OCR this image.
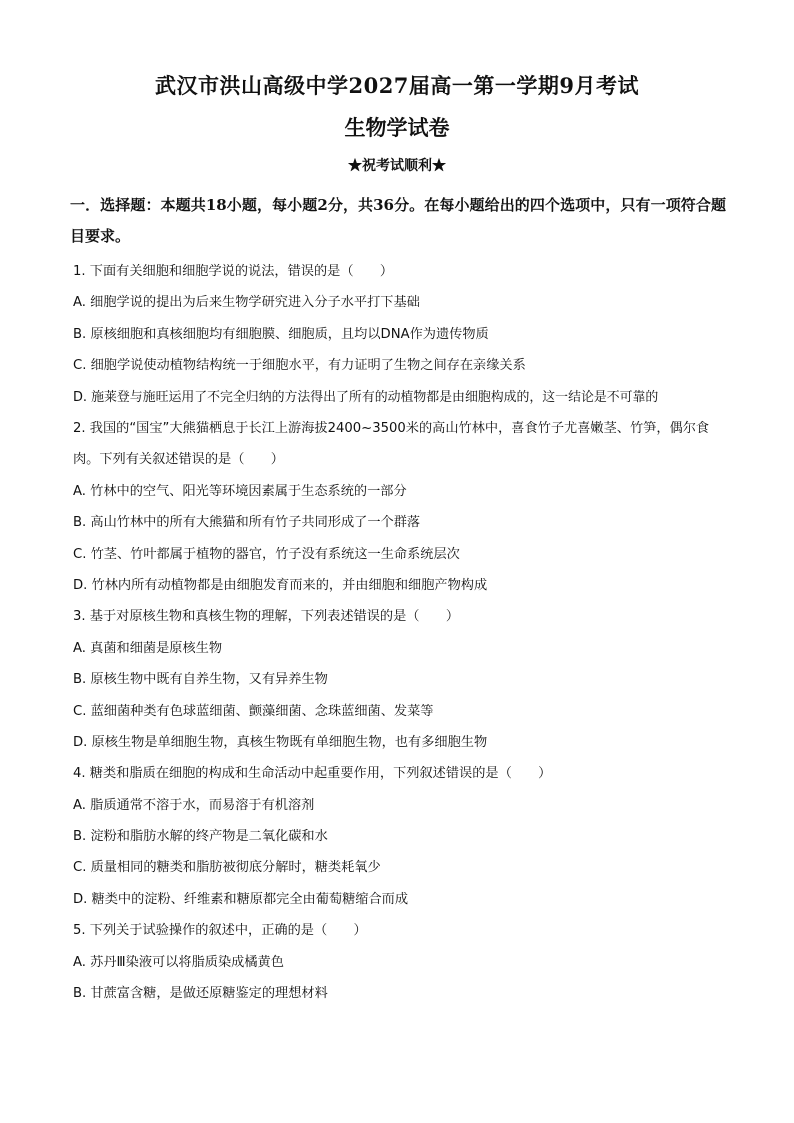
武汉市洪山高级中学2027届高一第一学期9月考试
生物学试卷
★祝考试顺利★
一．选择题：本题共18小题，每小题2分，共36分。在每小题给出的四个选项中，只有一项符合题目要求。
1. 下面有关细胞和细胞学说的说法，错误的是（　　）
A. 细胞学说的提出为后来生物学研究进入分子水平打下基础
B. 原核细胞和真核细胞均有细胞膜、细胞质，且均以DNA作为遗传物质
C. 细胞学说使动植物结构统一于细胞水平，有力证明了生物之间存在亲缘关系
D. 施莱登与施旺运用了不完全归纳的方法得出了所有的动植物都是由细胞构成的，这一结论是不可靠的
2. 我国的“国宝”大熊猫栖息于长江上游海拔2400~3500米的高山竹林中，喜食竹子尤喜嫩茎、竹笋，偶尔食肉。下列有关叙述错误的是（　　）
A. 竹林中的空气、阳光等环境因素属于生态系统的一部分
B. 高山竹林中的所有大熊猫和所有竹子共同形成了一个群落
C. 竹茎、竹叶都属于植物的器官，竹子没有系统这一生命系统层次
D. 竹林内所有动植物都是由细胞发育而来的，并由细胞和细胞产物构成
3. 基于对原核生物和真核生物的理解，下列表述错误的是（　　）
A. 真菌和细菌是原核生物
B. 原核生物中既有自养生物，又有异养生物
C. 蓝细菌种类有色球蓝细菌、颤藻细菌、念珠蓝细菌、发菜等
D. 原核生物是单细胞生物，真核生物既有单细胞生物，也有多细胞生物
4. 糖类和脂质在细胞的构成和生命活动中起重要作用，下列叙述错误的是（　　）
A. 脂质通常不溶于水，而易溶于有机溶剂
B. 淀粉和脂肪水解的终产物是二氧化碳和水
C. 质量相同的糖类和脂肪被彻底分解时，糖类耗氧少
D. 糖类中的淀粉、纤维素和糖原都完全由葡萄糖缩合而成
5. 下列关于试验操作的叙述中，正确的是（　　）
A. 苏丹Ⅲ染液可以将脂质染成橘黄色
B. 甘蔗富含糖，是做还原糖鉴定的理想材料
